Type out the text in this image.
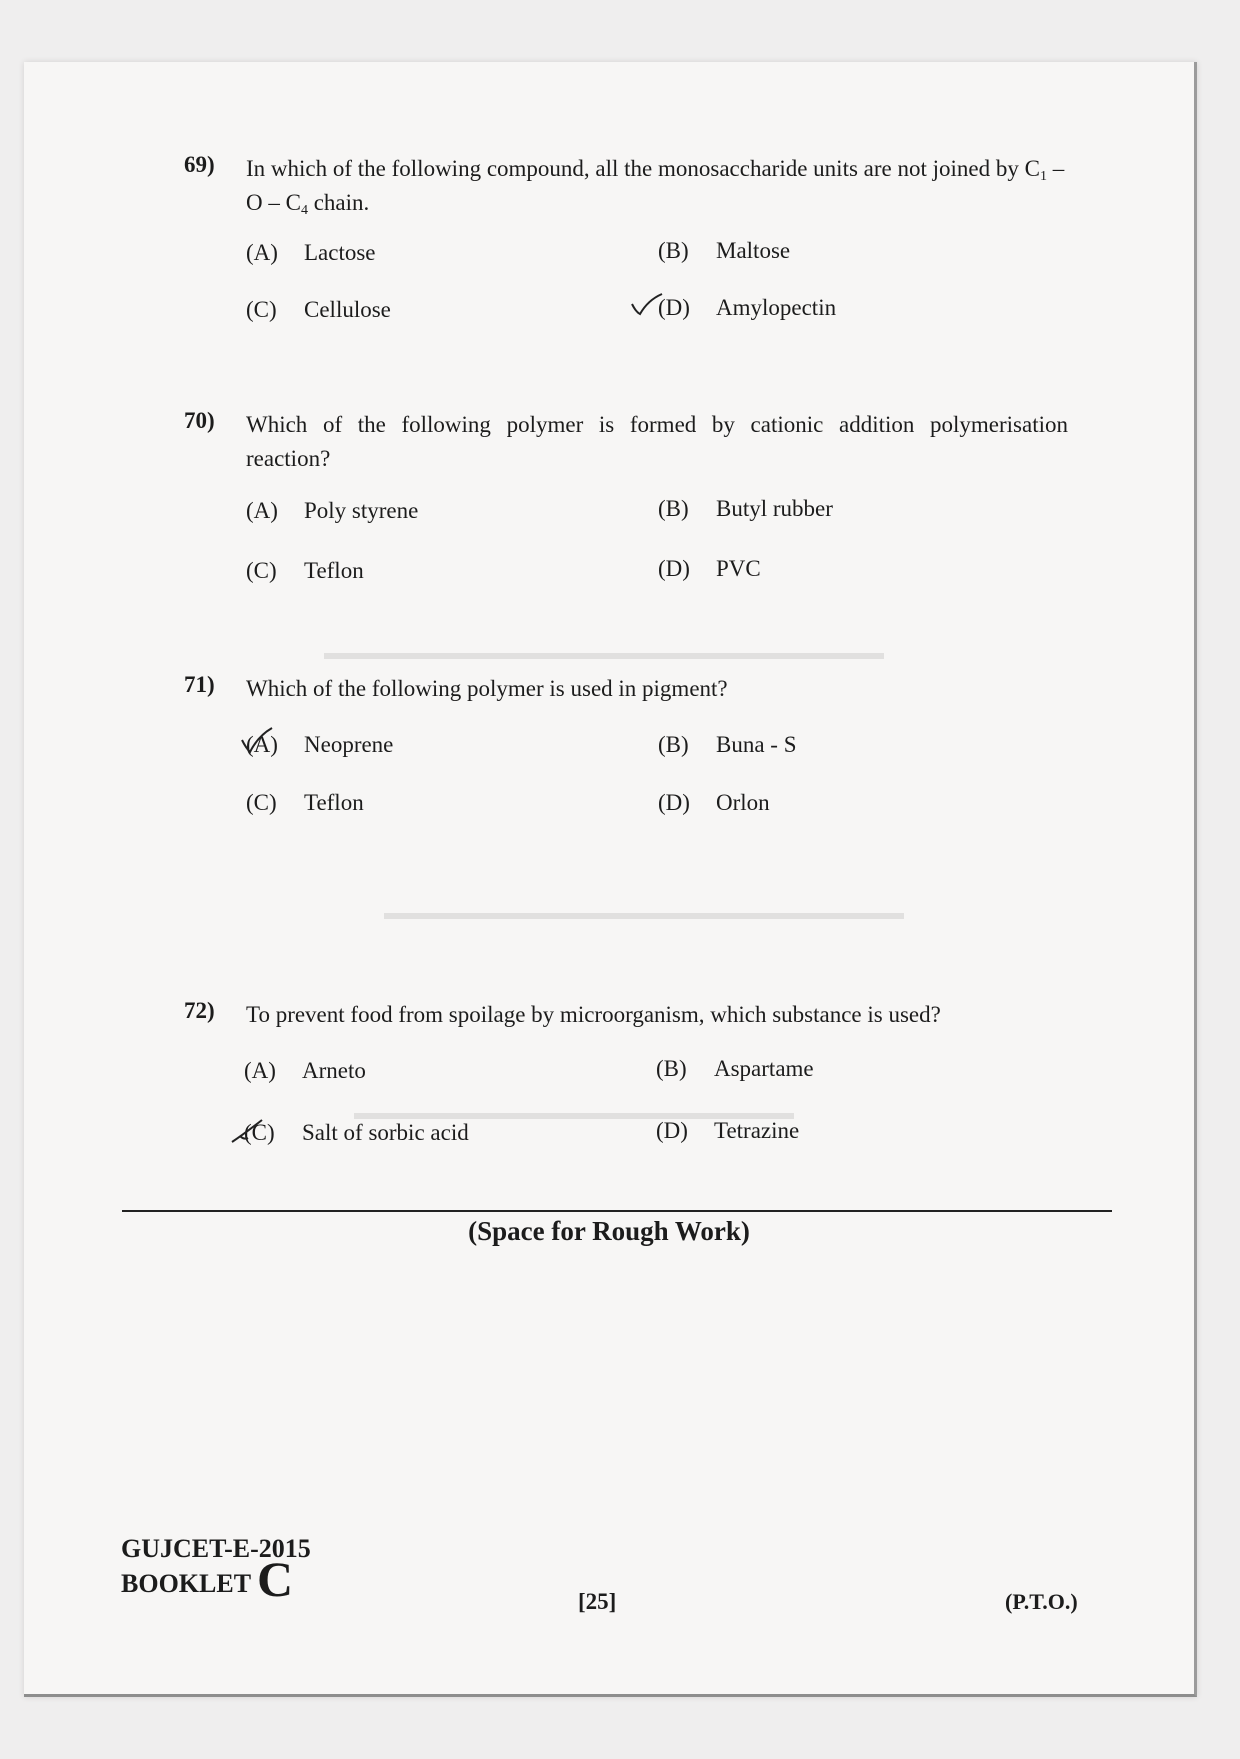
▬▬▬▬▬▬▬▬▬▬▬▬▬▬▬▬▬▬▬▬▬▬▬▬▬▬▬▬
▬▬▬▬▬▬▬▬▬▬▬▬▬▬▬▬▬▬▬▬▬▬▬▬▬▬
▬▬▬▬▬▬▬▬▬▬▬▬▬▬▬▬▬▬▬▬▬▬
69) In which of the following compound, all the monosaccharide units are not joined by $C_1$ – O – $C_4$ chain.
(A) Lactose	(B) Maltose
(C) Cellulose	(D) Amylopectin
70) Which of the following polymer is formed by cationic addition polymerisation reaction?
(A) Poly styrene	(B) Butyl rubber
(C) Teflon	(D) PVC
71) Which of the following polymer is used in pigment?
(A) Neoprene	(B) Buna - S
(C) Teflon	(D) Orlon
72) To prevent food from spoilage by microorganism, which substance is used?
(A) Arneto	(B) Aspartame
(C) Salt of sorbic acid	(D) Tetrazine
(Space for Rough Work)
GUJCET-E-2015
BOOKLET C	[25]	(P.T.O.)
